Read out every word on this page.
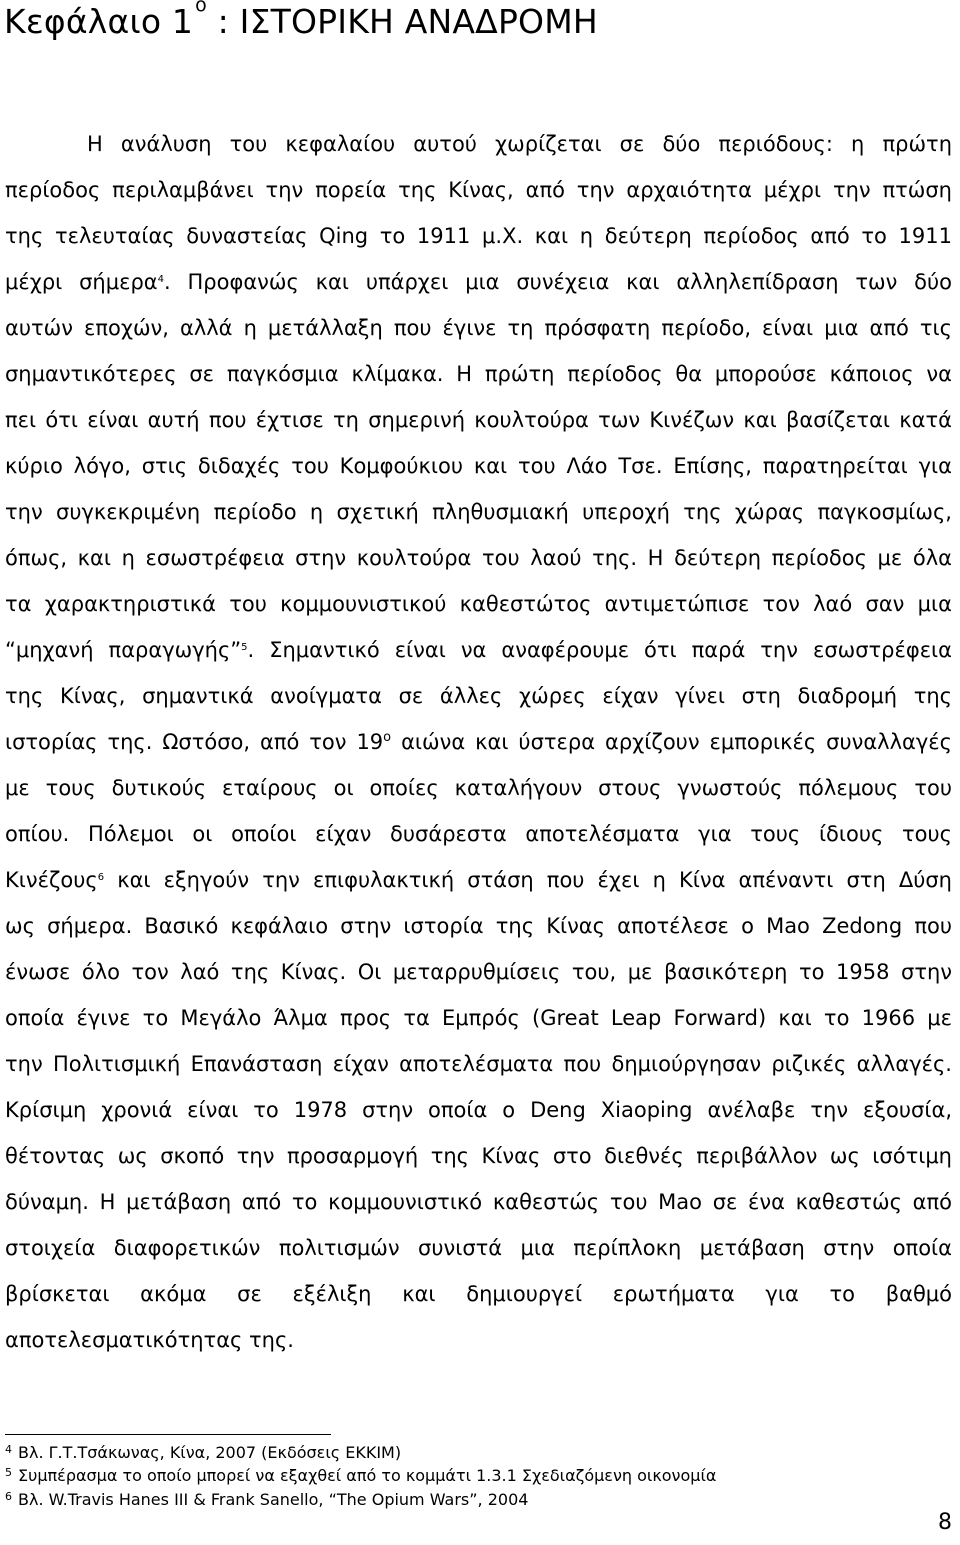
Κεφάλαιο 1 $^o$ : ΙΣΤΟΡΙΚΗ ΑΝΑΔΡΟΜΗ
Η ανάλυση του κεφαλαίου αυτού χωρίζεται σε δύο περιόδους: η πρώτη
περίοδος περιλαμβάνει την πορεία της Κίνας, από την αρχαιότητα μέχρι την πτώση
της τελευταίας δυναστείας Qing το 1911 μ.Χ. και η δεύτερη περίοδος από το 1911
μέχρι σήμερα$^4$. Προφανώς και υπάρχει μια συνέχεια και αλληλεπίδραση των δύο
αυτών εποχών, αλλά η μετάλλαξη που έγινε τη πρόσφατη περίοδο, είναι μια από τις
σημαντικότερες σε παγκόσμια κλίμακα. Η πρώτη περίοδος θα μπορούσε κάποιος να
πει ότι είναι αυτή που έχτισε τη σημερινή κουλτούρα των Κινέζων και βασίζεται κατά
κύριο λόγο, στις διδαχές του Κομφούκιου και του Λάο Τσε. Επίσης, παρατηρείται για
την συγκεκριμένη περίοδο η σχετική πληθυσμιακή υπεροχή της χώρας παγκοσμίως,
όπως, και η εσωστρέφεια στην κουλτούρα του λαού της. Η δεύτερη περίοδος με όλα
τα χαρακτηριστικά του κομμουνιστικού καθεστώτος αντιμετώπισε τον λαό σαν μια
“μηχανή παραγωγής”$^5$. Σημαντικό είναι να αναφέρουμε ότι παρά την εσωστρέφεια
της Κίνας, σημαντικά ανοίγματα σε άλλες χώρες είχαν γίνει στη διαδρομή της
ιστορίας της. Ωστόσο, από τον $19^o$ αιώνα και ύστερα αρχίζουν εμπορικές συναλλαγές
με τους δυτικούς εταίρους οι οποίες καταλήγουν στους γνωστούς πόλεμους του
οπίου. Πόλεμοι οι οποίοι είχαν δυσάρεστα αποτελέσματα για τους ίδιους τους
Κινέζους$^6$ και εξηγούν την επιφυλακτική στάση που έχει η Κίνα απέναντι στη Δύση
ως σήμερα. Βασικό κεφάλαιο στην ιστορία της Κίνας αποτέλεσε ο Mao Zedong που
ένωσε όλο τον λαό της Κίνας. Οι μεταρρυθμίσεις του, με βασικότερη το 1958 στην
οποία έγινε το Μεγάλο Άλμα προς τα Εμπρός (Great Leap Forward) και το 1966 με
την Πολιτισμική Επανάσταση είχαν αποτελέσματα που δημιούργησαν ριζικές αλλαγές.
Κρίσιμη χρονιά είναι το 1978 στην οποία ο Deng Xiaoping ανέλαβε την εξουσία,
θέτοντας ως σκοπό την προσαρμογή της Κίνας στο διεθνές περιβάλλον ως ισότιμη
δύναμη. Η μετάβαση από το κομμουνιστικό καθεστώς του Mao σε ένα καθεστώς από
στοιχεία διαφορετικών πολιτισμών συνιστά μια περίπλοκη μετάβαση στην οποία
βρίσκεται ακόμα σε εξέλιξη και δημιουργεί ερωτήματα για το βαθμό
αποτελεσματικότητας της.
$^4$ Βλ. Γ.Τ.Τσάκωνας, Κίνα, 2007 (Εκδόσεις ΕΚΚΙΜ)
$^5$ Συμπέρασμα το οποίο μπορεί να εξαχθεί από το κομμάτι 1.3.1 Σχεδιαζόμενη οικονομία
$^6$ Βλ. W.Travis Hanes III & Frank Sanello, “The Opium Wars”, 2004
8
